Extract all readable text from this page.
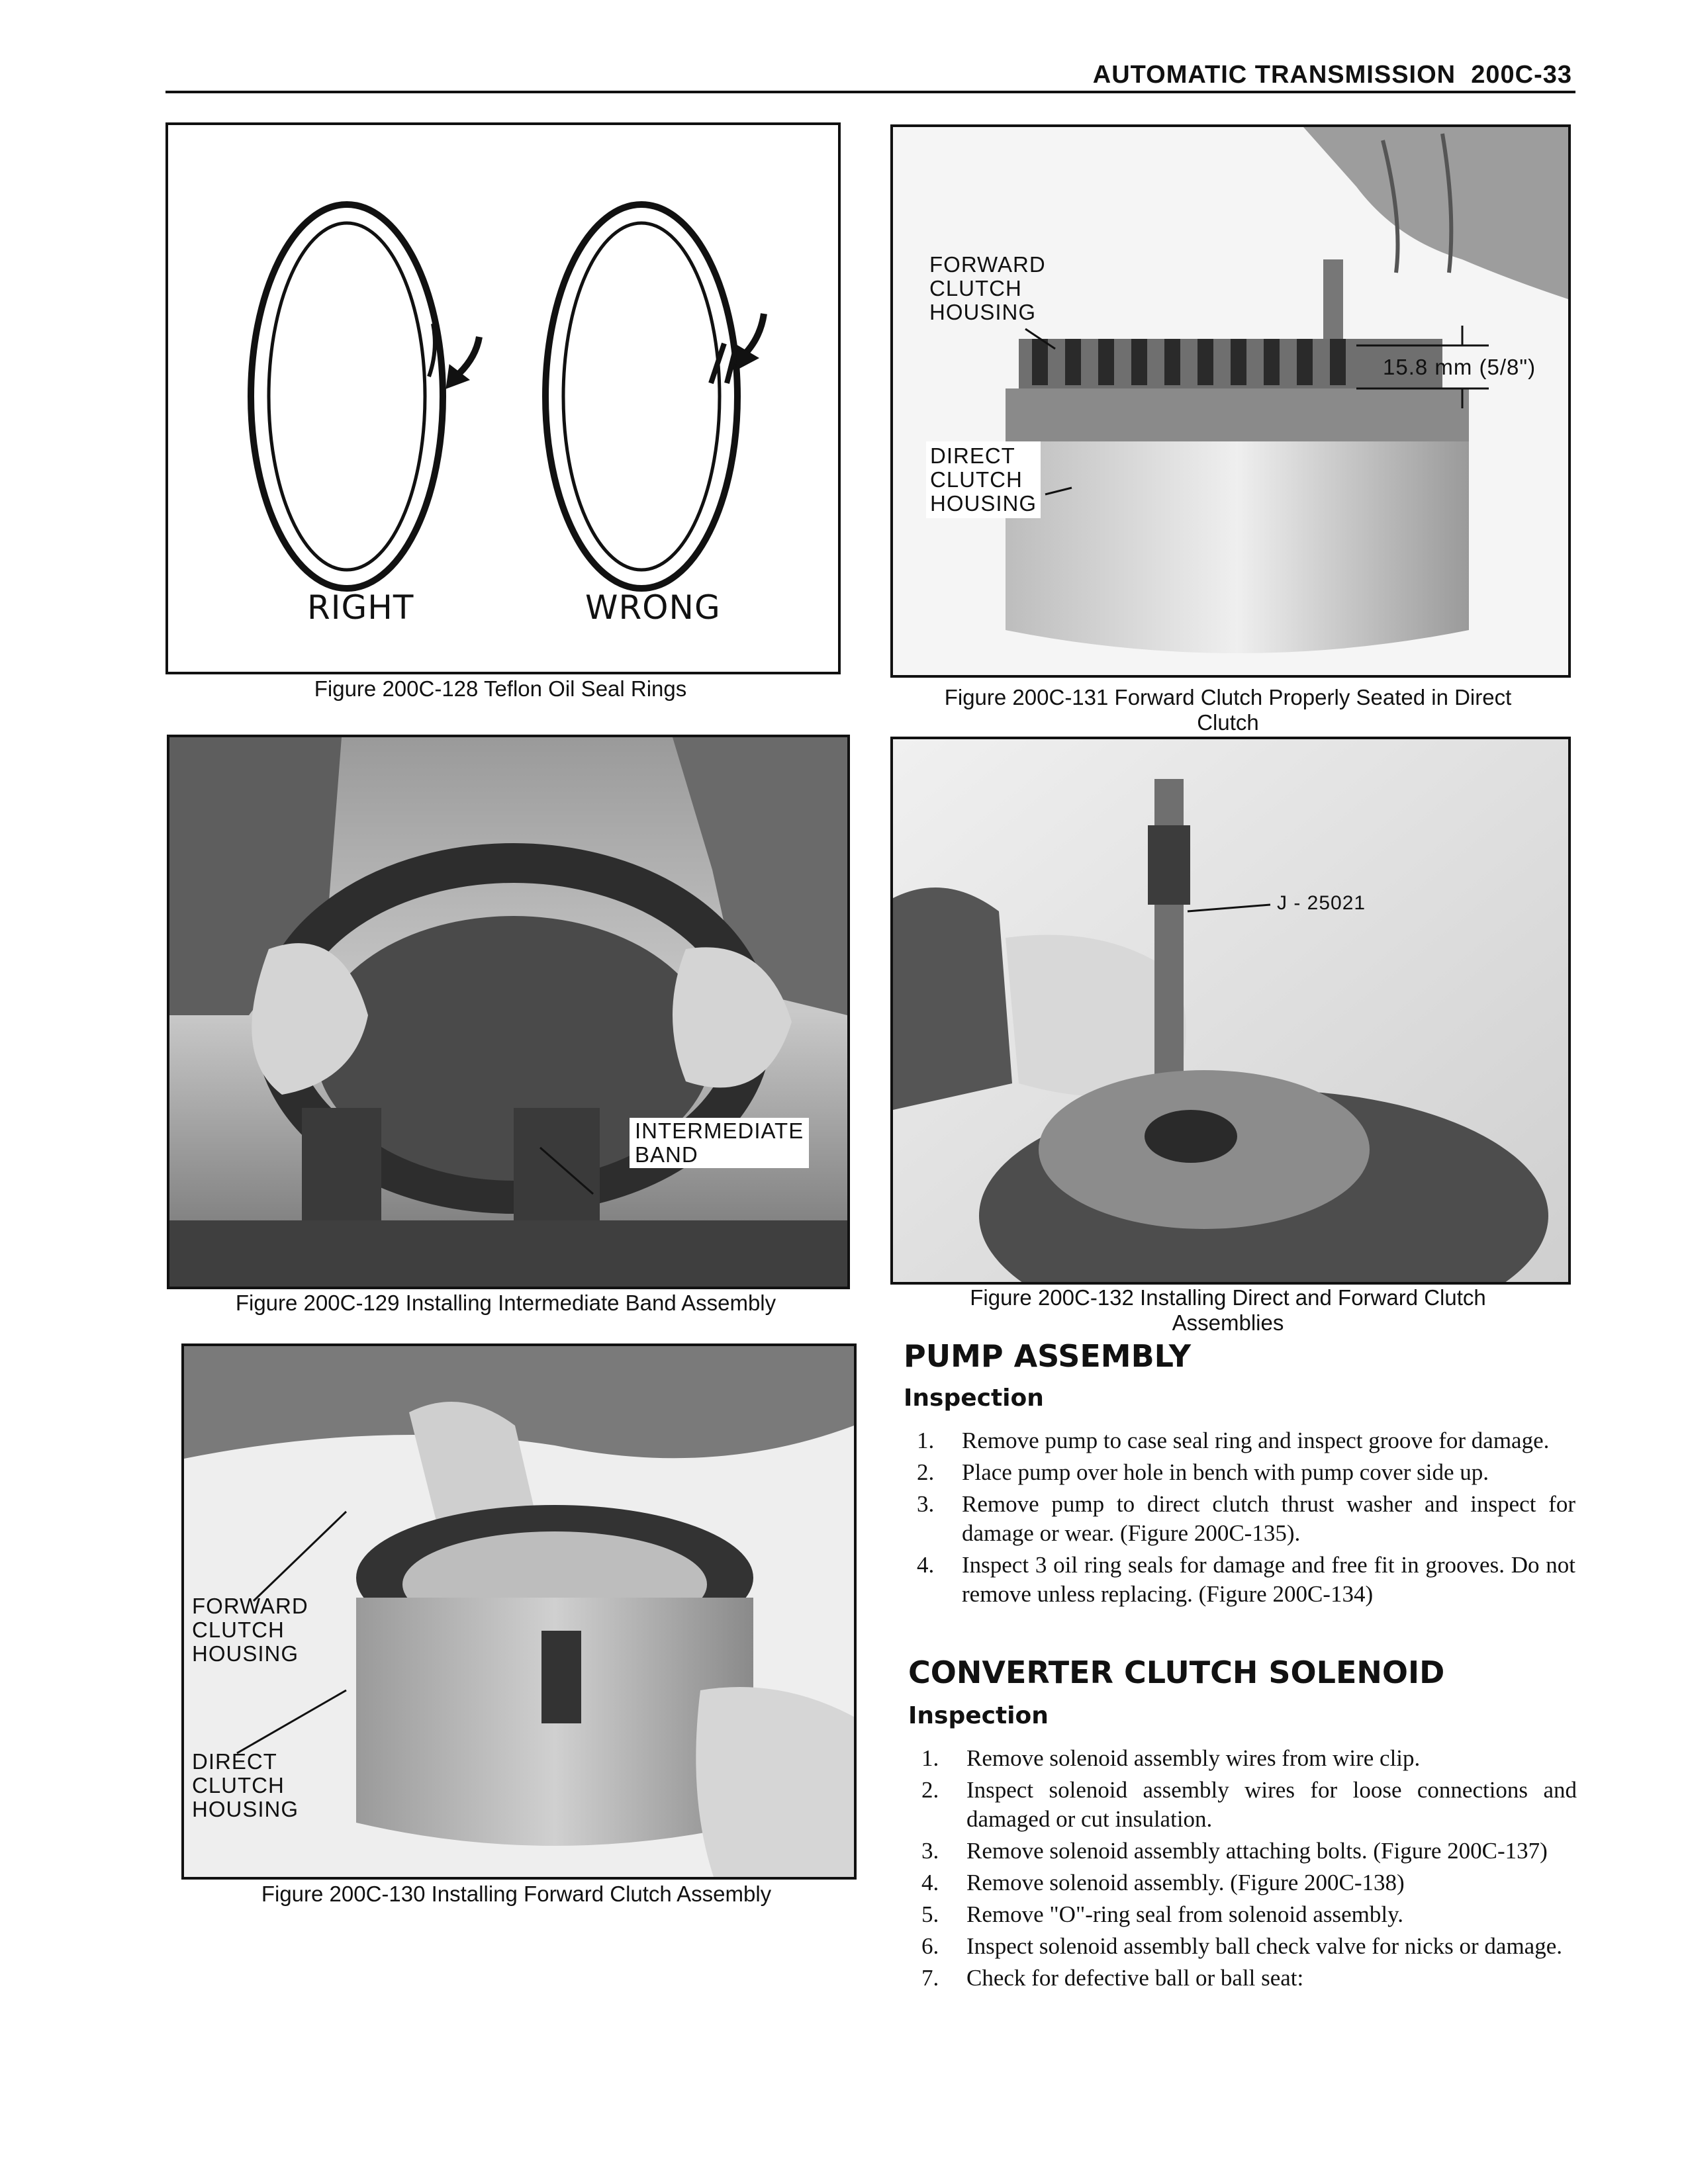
AUTOMATIC TRANSMISSION 200C-33
RIGHT	WRONG
Figure 200C-128 Teflon Oil Seal Rings
FORWARD
CLUTCH
HOUSING
DIRECT
CLUTCH
HOUSING
15.8 mm (5/8")
Figure 200C-131 Forward Clutch Properly Seated in Direct
Clutch
INTERMEDIATE
BAND
Figure 200C-129 Installing Intermediate Band Assembly
J - 25021
Figure 200C-132 Installing Direct and Forward Clutch
Assemblies
FORWARD
CLUTCH
HOUSING
DIRECT
CLUTCH
HOUSING
Figure 200C-130 Installing Forward Clutch Assembly
PUMP ASSEMBLY
Inspection
1. Remove pump to case seal ring and inspect groove for damage.
2. Place pump over hole in bench with pump cover side up.
3. Remove pump to direct clutch thrust washer and inspect for damage or wear. (Figure 200C-135).
4. Inspect 3 oil ring seals for damage and free fit in grooves. Do not remove unless replacing. (Figure 200C-134)
CONVERTER CLUTCH SOLENOID
Inspection
1. Remove solenoid assembly wires from wire clip.
2. Inspect solenoid assembly wires for loose connections and damaged or cut insulation.
3. Remove solenoid assembly attaching bolts. (Figure 200C-137)
4. Remove solenoid assembly. (Figure 200C-138)
5. Remove "O"-ring seal from solenoid assembly.
6. Inspect solenoid assembly ball check valve for nicks or damage.
7. Check for defective ball or ball seat:
